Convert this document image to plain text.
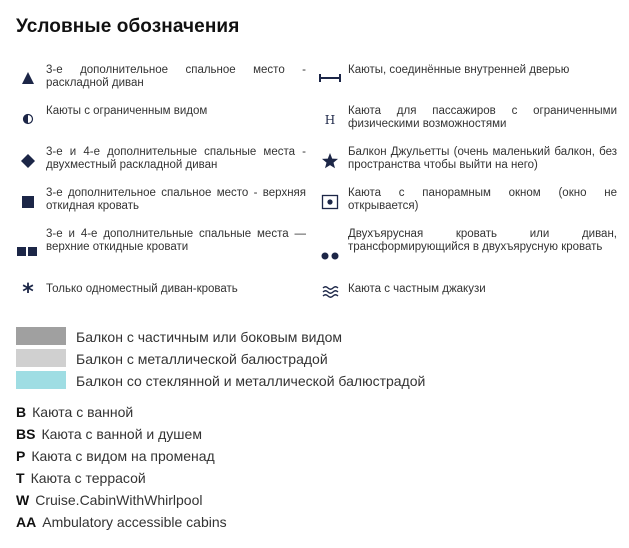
Условные обозначения
3-е дополнительное спальное место - раскладной диван
Каюты с ограниченным видом
3-е и 4-е дополнительные спальные места - двухместный раскладной диван
3-е дополнительное спальное место - верхняя откидная кровать
3-е и 4-е дополнительные спальные места — верхние откидные кровати
* Только одноместный диван-кровать
Каюты, соединённые внутренней дверью
H
Каюта для пассажиров с ограниченными физическими возможностями
Балкон Джульетты (очень маленький балкон, без пространства чтобы выйти на него)
Каюта с панорамным окном (окно не открывается)
Двухъярусная кровать или диван, трансформирующийся в двухъярусную кровать
Каюта с частным джакузи
Балкон с частичным или боковым видом
Балкон с металлической балюстрадой
Балкон со стеклянной и металлической балюстрадой
B Каюта с ванной
BS Каюта с ванной и душем
P Каюта с видом на променад
T Каюта с террасой
W Cruise.CabinWithWhirlpool
AA Ambulatory accessible cabins
